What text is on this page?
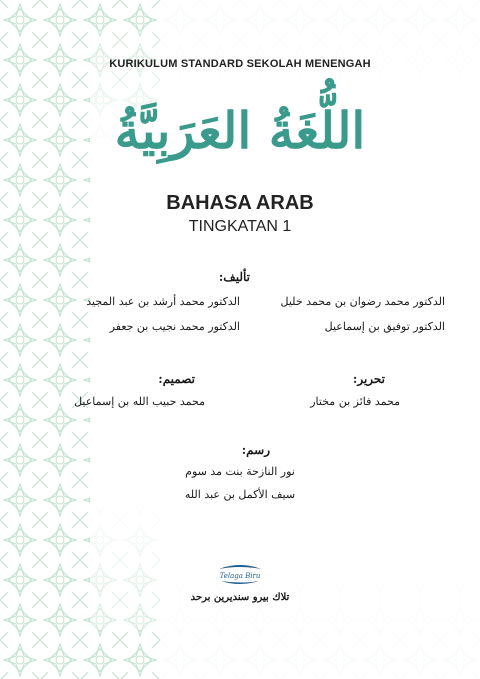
KURIKULUM STANDARD SEKOLAH MENENGAH
اللُّغَةُ العَرَبِيَّةُ
BAHASA ARAB
TINGKATAN 1
تأليف:
الدكتور محمد رضوان بن محمد خليل
الدكتور محمد أرشد بن عبد المجيد
الدكتور توفيق بن إسماعيل
الدكتور محمد نجيب بن جعفر
تحرير:
محمد فائز بن مختار
تصميم:
محمد حبيب الله بن إسماعيل
رسم:
نور النازحة بنت مد سوم
سيف الأكمل بن عبد الله
Telaga Biru
تلاك بيرو سنديرين برحد
